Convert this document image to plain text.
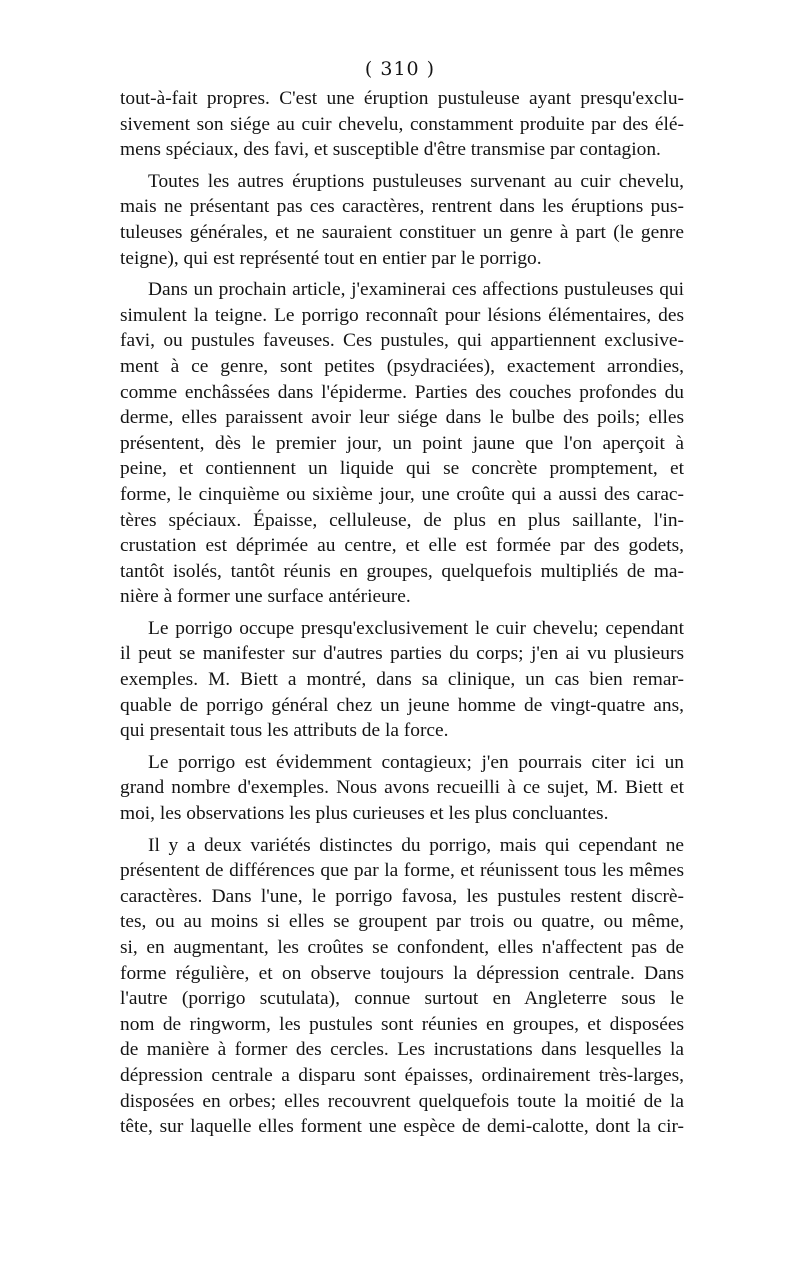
( 310 )
tout-à-fait propres. C'est une éruption pustuleuse ayant presqu'exclu-
sivement son siége au cuir chevelu, constamment produite par des élé-
mens spéciaux, des favi, et susceptible d'être transmise par contagion.
Toutes les autres éruptions pustuleuses survenant au cuir chevelu,
mais ne présentant pas ces caractères, rentrent dans les éruptions pus-
tuleuses générales, et ne sauraient constituer un genre à part (le genre
teigne), qui est représenté tout en entier par le porrigo.
Dans un prochain article, j'examinerai ces affections pustuleuses qui
simulent la teigne. Le porrigo reconnaît pour lésions élémentaires, des
favi, ou pustules faveuses. Ces pustules, qui appartiennent exclusive-
ment à ce genre, sont petites (psydraciées), exactement arrondies,
comme enchâssées dans l'épiderme. Parties des couches profondes du
derme, elles paraissent avoir leur siége dans le bulbe des poils; elles
présentent, dès le premier jour, un point jaune que l'on aperçoit à
peine, et contiennent un liquide qui se concrète promptement, et
forme, le cinquième ou sixième jour, une croûte qui a aussi des carac-
tères spéciaux. Épaisse, celluleuse, de plus en plus saillante, l'in-
crustation est déprimée au centre, et elle est formée par des godets,
tantôt isolés, tantôt réunis en groupes, quelquefois multipliés de ma-
nière à former une surface antérieure.
Le porrigo occupe presqu'exclusivement le cuir chevelu; cependant
il peut se manifester sur d'autres parties du corps; j'en ai vu plusieurs
exemples. M. Biett a montré, dans sa clinique, un cas bien remar-
quable de porrigo général chez un jeune homme de vingt-quatre ans,
qui presentait tous les attributs de la force.
Le porrigo est évidemment contagieux; j'en pourrais citer ici un
grand nombre d'exemples. Nous avons recueilli à ce sujet, M. Biett et
moi, les observations les plus curieuses et les plus concluantes.
Il y a deux variétés distinctes du porrigo, mais qui cependant ne
présentent de différences que par la forme, et réunissent tous les mêmes
caractères. Dans l'une, le porrigo favosa, les pustules restent discrè-
tes, ou au moins si elles se groupent par trois ou quatre, ou même,
si, en augmentant, les croûtes se confondent, elles n'affectent pas de
forme régulière, et on observe toujours la dépression centrale. Dans
l'autre (porrigo scutulata), connue surtout en Angleterre sous le
nom de ringworm, les pustules sont réunies en groupes, et disposées
de manière à former des cercles. Les incrustations dans lesquelles la
dépression centrale a disparu sont épaisses, ordinairement très-larges,
disposées en orbes; elles recouvrent quelquefois toute la moitié de la
tête, sur laquelle elles forment une espèce de demi-calotte, dont la cir-
